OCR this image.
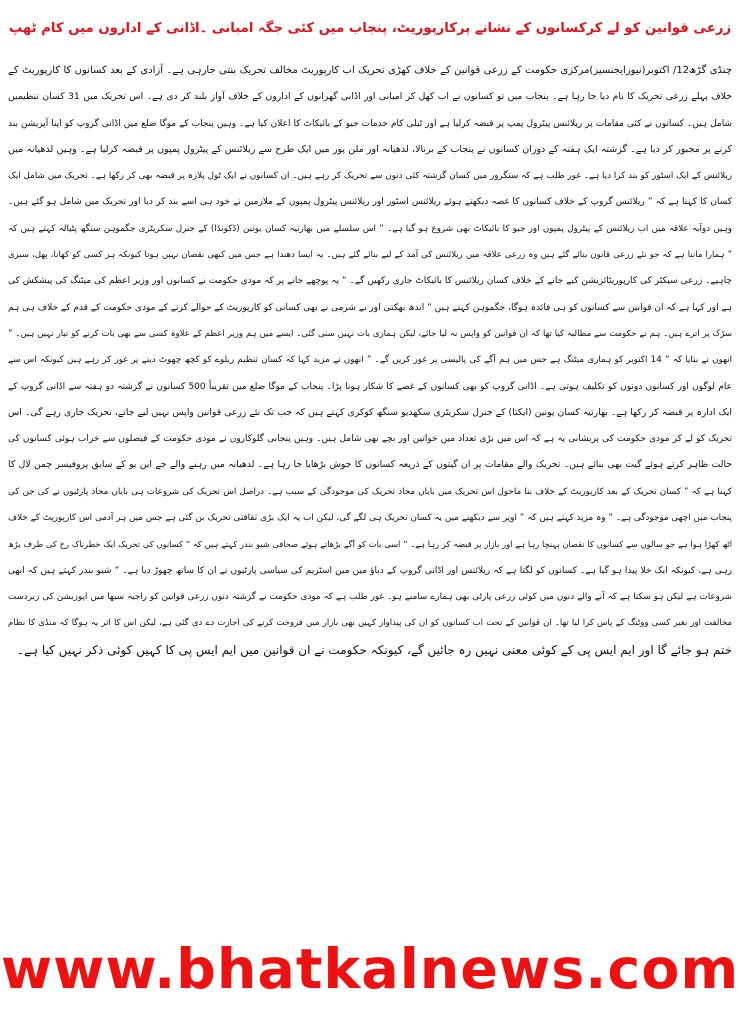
زرعی قوانین کو لے کرکسانوں کے نشانے پرکارپوریٹ، پنجاب میں کئی جگہ امبانی ۔اڈانی کے اداروں میں کام ٹھپ
چنڈی گڑھ12/ اکتوبر(نیوزایجنسیز)مرکزی حکومت کے زرعی قوانین کے خلاف کھڑی تحریک اب کارپوریٹ مخالف تحریک بنتی جارہی ہے۔ آزادی کے بعد کسانوں کا کارپوریٹ کے
خلاف پہلے زرعی تحریک کا نام دیا جا رہا ہے۔ پنجاب میں تو کسانوں نے اب کھل کر امبانی اور اڈانی گھرانوں کے اداروں کے خلاف آواز بلند کر دی ہے۔ اس تحریک میں 31 کسان تنظیمیں
شامل ہیں۔ کسانوں نے کئی مقامات پر ریلائنس پیٹرول پمپ پر قبضہ کرلیا ہے اور ٹیلی کام خدمات جیو کے بائیکاٹ کا اعلان کیا ہے۔ وہیں پنجاب کے موگا ضلع میں اڈانی گروپ کو اپنا آپریشن بند
کرنے پر مجبور کر دیا ہے۔ گزشتہ ایک ہفتہ کے دوران کسانوں نے پنجاب کے برنالا، لدھیانہ اور ملن پور میں ایک طرح سے ریلائنس کے پیٹرول پمپوں پر قبضہ کرلیا ہے۔ وہیں لدھیانہ میں
ریلائنس کے ایک اسٹور کو بند کرا دیا ہے۔ غور طلب ہے کہ سنگرور میں کسان گزشتہ کئی دنوں سے تحریک کر رہے ہیں۔ ان کسانوں نے ایک ٹول پلازہ پر قبضہ بھی کر رکھا ہے۔ تحریک میں شامل ایک
کسان کا کہنا ہے کہ ” ریلائنس گروپ کے خلاف کسانوں کا غصہ دیکھتے ہوئے ریلائنس اسٹور اور ریلائنس پیٹرول پمپوں کے ملازمین نے خود ہی اسے بند کر دیا اور تحریک میں شامل ہو گئے ہیں۔
وہیں دوآبہ علاقہ میں اب ریلائنس کے پیٹرول پمپوں اور جیو کا بائیکاٹ بھی شروع ہو گیا ہے۔ ” اس سلسلے میں بھارتیہ کسان یونین (ڈکونڈا) کے جنرل سکریٹری جگموہن سنگھ پٹیالہ کہتے ہیں کہ
” ہمارا ماننا ہے کہ جو نئے زرعی قانون بنائے گئے ہیں وہ زرعی علاقہ میں ریلائنس کی آمد کے لیے بنائے گئے ہیں۔ یہ ایسا دھندا ہے جس میں کبھی نقصان نہیں ہوتا کیونکہ ہر کسی کو کھانا، پھل، سبزی
چاہیے۔ زرعی سیکٹر کی کارپوریٹائزیشن کیے جانے کے خلاف کسان ریلائنس کا بائیکاٹ جاری رکھیں گے۔ ” یہ پوچھے جانے پر کہ مودی حکومت نے کسانوں اور وزیر اعظم کی میٹنگ کی پیشکش کی
ہے اور کہا ہے کہ ان قوانین سے کسانوں کو ہی فائدہ ہوگا، جگموہن کہتے ہیں ” اندھ بھکتی اور بے شرمی نے بھی کسانی کو کارپوریٹ کے حوالے کرنے کے مودی حکومت کے قدم کے خلاف ہی ہم
سڑک پر اترے ہیں۔ ہم نے حکومت سے مطالبہ کیا تھا کہ ان قوانین کو واپس نہ لیا جائے، لیکن ہماری بات نہیں سنی گئی۔ ایسے میں ہم وزیر اعظم کے علاوہ کسی سے بھی بات کرنے کو تیار نہیں ہیں۔ ”
انھوں نے بتایا کہ ” 14 اکتوبر کو ہماری میٹنگ ہے جس میں ہم آگے کی پالیسی پر غور کریں گے۔ ” انھوں نے مزید کہا کہ کسان تنظیم ریلوے کو کچھ چھوٹ دینے پر غور کر رہے ہیں کیونکہ اس سے
عام لوگوں اور کسانوں دونوں کو تکلیف ہوتی ہے۔ اڈانی گروپ کو بھی کسانوں کے غصے کا شکار ہونا پڑا۔ پنجاب کے موگا ضلع میں تقریباً 500 کسانوں نے گزشتہ دو ہفتہ سے اڈانی گروپ کے
ایک ادارہ پر قبضہ کر رکھا ہے۔ بھارتیہ کسان یونین (ایکتا) کے جنرل سکریٹری سکھدیو سنگھ کوکری کہتے ہیں کہ جب تک نئے زرعی قوانین واپس نہیں لیے جاتے، تحریک جاری رہے گی۔ اس
تحریک کو لے کر مودی حکومت کی پریشانی یہ ہے کہ اس میں بڑی تعداد میں خواتین اور بچے بھی شامل ہیں۔ وہیں پنجابی گلوکاروں نے مودی حکومت کے فیصلوں سے خراب ہوئی کسانوں کی
حالت ظاہر کرتے ہوئے گیت بھی بنائے ہیں۔ تحریک والے مقامات پر ان گیتوں کے ذریعہ کسانوں کا جوش بڑھایا جا رہا ہے۔ لدھیانہ میں رہنے والے جے این یو کے سابق پروفیسر چمن لال کا
کہنا ہے کہ ” کسان تحریک کے بعد کارپوریٹ کے خلاف بنا ماحول اس تحریک میں بایاں محاذ تحریک کی موجودگی کے سبب ہے۔ دراصل اس تحریک کی شروعات ہی بایاں محاذ پارٹیوں نے کی جن کی
پنجاب میں اچھی موجودگی ہے۔ ” وہ مزید کہتے ہیں کہ ” اوپر سے دیکھنے میں یہ کسان تحریک ہی لگے گی، لیکن اب یہ ایک بڑی ثقافتی تحریک بن گئی ہے جس میں ہر آدمی اس کارپوریٹ کے خلاف
اٹھ کھڑا ہوا ہے جو سالوں سے کسانوں کا نقصان پہنچا رہا ہے اور بازار پر قبضہ کر رہا ہے۔ ” اسی بات کو آگے بڑھاتے ہوئے صحافی شیو بندر کہتے ہیں کہ ” کسانوں کی تحریک ایک خطرناک رخ کی طرف بڑھ
رہی ہے، کیونکہ ایک خلا پیدا ہو گیا ہے۔ کسانوں کو لگتا ہے کہ ریلائنس اور اڈانی گروپ کے دباؤ میں مین اسٹریم کی سیاسی پارٹیوں نے ان کا ساتھ چھوڑ دیا ہے۔ ” شیو بندر کہتے ہیں کہ ابھی
شروعات ہے لیکن ہو سکتا ہے کہ آنے والے دنوں میں کوئی زرعی پارٹی بھی ہمارے سامنے ہو۔ غور طلب ہے کہ مودی حکومت نے گزشتہ دنوں زرعی قوانین کو راجیہ سبھا میں اپوزیشن کی زبردست
مخالفت اور بغیر کسی ووٹنگ کے پاس کرا لیا تھا۔ ان قوانین کے تحت اب کسانوں کو ان کی پیداوار کہیں بھی بازار میں فروخت کرنے کی اجازت دے دی گئی ہے، لیکن اس کا اثر یہ ہوگا کہ منڈی کا نظام
ختم ہو جائے گا اور ایم ایس پی کے کوئی معنی نہیں رہ جائیں گے، کیونکہ حکومت نے ان قوانین میں ایم ایس پی کا کہیں کوئی ذکر نہیں کیا ہے۔
www.bhatkalnews.com
